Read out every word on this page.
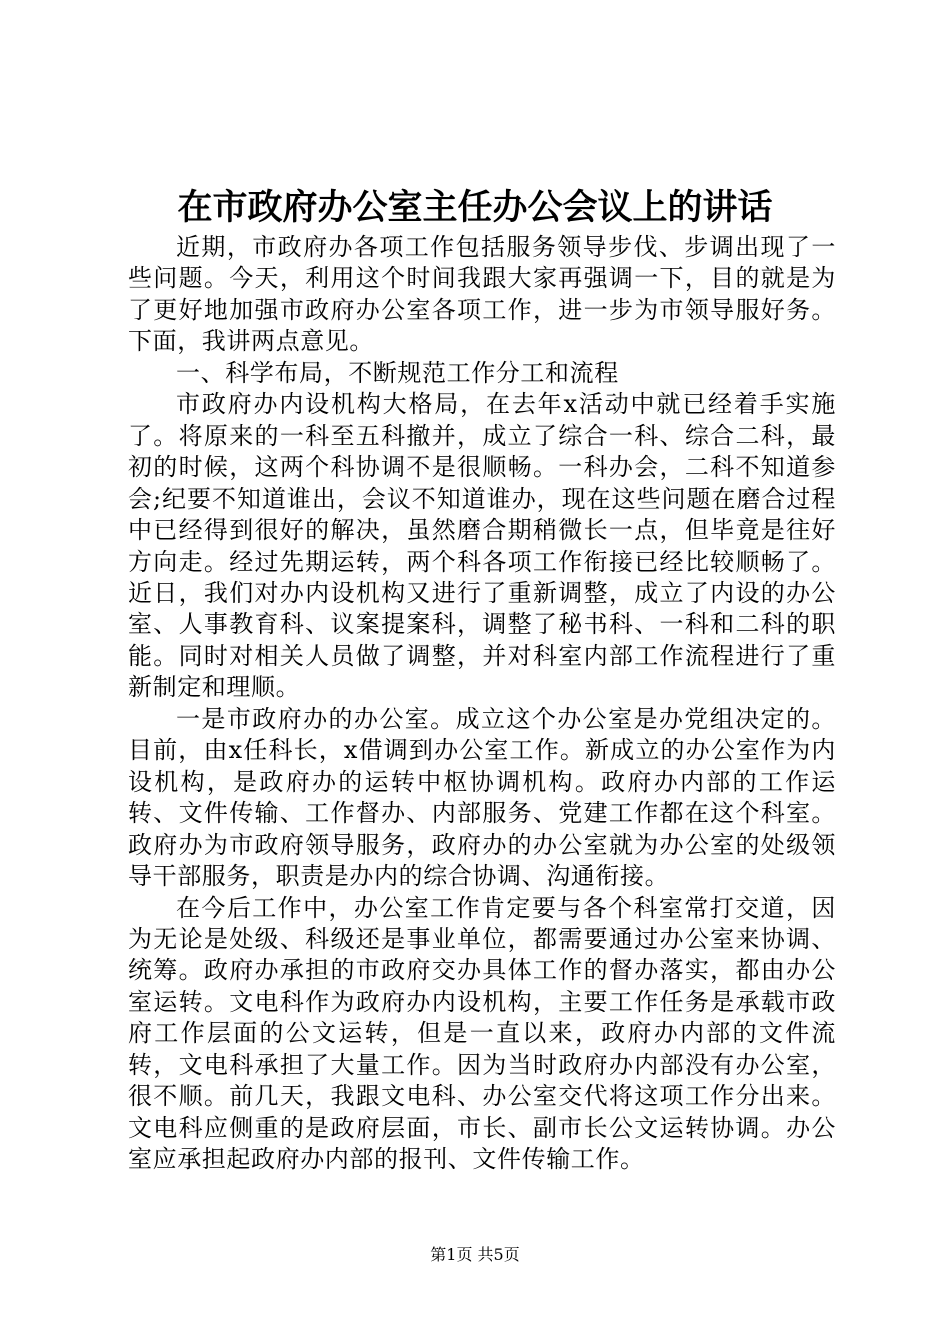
在市政府办公室主任办公会议上的讲话

近期，市政府办各项工作包括服务领导步伐、步调出现了一些问题。今天，利用这个时间我跟大家再强调一下，目的就是为了更好地加强市政府办公室各项工作，进一步为市领导服好务。下面，我讲两点意见。

一、科学布局，不断规范工作分工和流程

市政府办内设机构大格局，在去年x活动中就已经着手实施了。将原来的一科至五科撤并，成立了综合一科、综合二科，最初的时候，这两个科协调不是很顺畅。一科办会，二科不知道参会;纪要不知道谁出，会议不知道谁办，现在这些问题在磨合过程中已经得到很好的解决，虽然磨合期稍微长一点，但毕竟是往好方向走。经过先期运转，两个科各项工作衔接已经比较顺畅了。近日，我们对办内设机构又进行了重新调整，成立了内设的办公室、人事教育科、议案提案科，调整了秘书科、一科和二科的职能。同时对相关人员做了调整，并对科室内部工作流程进行了重新制定和理顺。

一是市政府办的办公室。成立这个办公室是办党组决定的。目前，由x任科长，x借调到办公室工作。新成立的办公室作为内设机构，是政府办的运转中枢协调机构。政府办内部的工作运转、文件传输、工作督办、内部服务、党建工作都在这个科室。政府办为市政府领导服务，政府办的办公室就为办公室的处级领导干部服务，职责是办内的综合协调、沟通衔接。

在今后工作中，办公室工作肯定要与各个科室常打交道，因为无论是处级、科级还是事业单位，都需要通过办公室来协调、统筹。政府办承担的市政府交办具体工作的督办落实，都由办公室运转。文电科作为政府办内设机构，主要工作任务是承载市政府工作层面的公文运转，但是一直以来，政府办内部的文件流转，文电科承担了大量工作。因为当时政府办内部没有办公室，很不顺。前几天，我跟文电科、办公室交代将这项工作分出来。文电科应侧重的是政府层面，市长、副市长公文运转协调。办公室应承担起政府办内部的报刊、文件传输工作。

第1页 共5页
